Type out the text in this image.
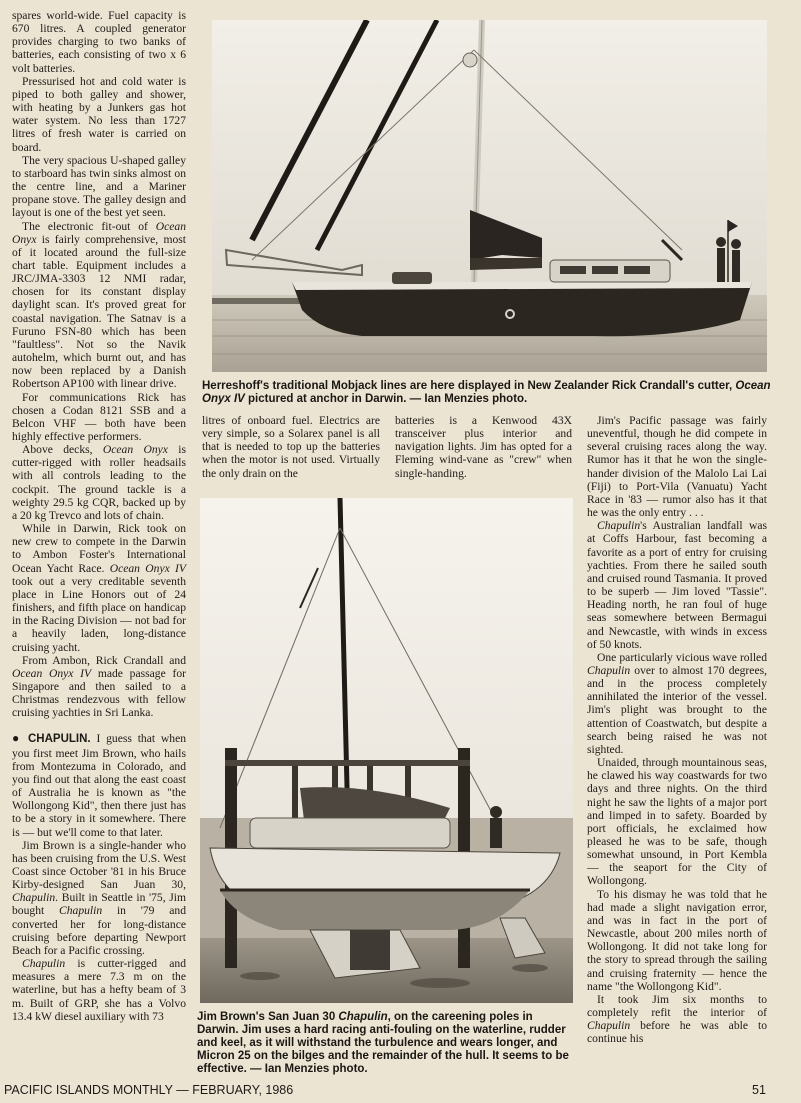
spares world-wide. Fuel capacity is 670 litres. A coupled generator provides charging to two banks of batteries, each consisting of two x 6 volt batteries.

Pressurised hot and cold water is piped to both galley and shower, with heating by a Junkers gas hot water system. No less than 1727 litres of fresh water is carried on board.

The very spacious U-shaped galley to starboard has twin sinks almost on the centre line, and a Mariner propane stove. The galley design and layout is one of the best yet seen.

The electronic fit-out of Ocean Onyx is fairly comprehensive, most of it located around the full-size chart table. Equipment includes a JRC/JMA-3303 12 NMI radar, chosen for its constant display daylight scan. It's proved great for coastal navigation. The Satnav is a Furuno FSN-80 which has been "faultless". Not so the Navik autohelm, which burnt out, and has now been replaced by a Danish Robertson AP100 with linear drive.

For communications Rick has chosen a Codan 8121 SSB and a Belcon VHF — both have been highly effective performers.

Above decks, Ocean Onyx is cutter-rigged with roller headsails with all controls leading to the cockpit. The ground tackle is a weighty 29.5 kg CQR, backed up by a 20 kg Trevco and lots of chain.

While in Darwin, Rick took on new crew to compete in the Darwin to Ambon Foster's International Ocean Yacht Race. Ocean Onyx IV took out a very creditable seventh place in Line Honors out of 24 finishers, and fifth place on handicap in the Racing Division — not bad for a heavily laden, long-distance cruising yacht.

From Ambon, Rick Crandall and Ocean Onyx IV made passage for Singapore and then sailed to a Christmas rendezvous with fellow cruising yachties in Sri Lanka.

● CHAPULIN. I guess that when you first meet Jim Brown, who hails from Montezuma in Colorado, and you find out that along the east coast of Australia he is known as "the Wollongong Kid", then there just has to be a story in it somewhere. There is — but we'll come to that later.

Jim Brown is a single-hander who has been cruising from the U.S. West Coast since October '81 in his Bruce Kirby-designed San Juan 30, Chapulin. Built in Seattle in '75, Jim bought Chapulin in '79 and converted her for long-distance cruising before departing Newport Beach for a Pacific crossing.

Chapulin is cutter-rigged and measures a mere 7.3 m on the waterline, but has a hefty beam of 3 m. Built of GRP, she has a Volvo 13.4 kW diesel auxiliary with 73

Herreshoff's traditional Mobjack lines are here displayed in New Zealander Rick Crandall's cutter, Ocean Onyx IV pictured at anchor in Darwin. — Ian Menzies photo.

litres of onboard fuel. Electrics are very simple, so a Solarex panel is all that is needed to top up the batteries when the motor is not used. Virtually the only drain on the

batteries is a Kenwood 43X transceiver plus interior and navigation lights. Jim has opted for a Fleming wind-vane as "crew" when single-handing.

Jim's Pacific passage was fairly uneventful, though he did compete in several cruising races along the way. Rumor has it that he won the single-hander division of the Malolo Lai Lai (Fiji) to Port-Vila (Vanuatu) Yacht Race in '83 — rumor also has it that he was the only entry . . .

Chapulin's Australian landfall was at Coffs Harbour, fast becoming a favorite as a port of entry for cruising yachties. From there he sailed south and cruised round Tasmania. It proved to be superb — Jim loved "Tassie". Heading north, he ran foul of huge seas somewhere between Bermagui and Newcastle, with winds in excess of 50 knots.

One particularly vicious wave rolled Chapulin over to almost 170 degrees, and in the process completely annihilated the interior of the vessel. Jim's plight was brought to the attention of Coastwatch, but despite a search being raised he was not sighted.

Unaided, through mountainous seas, he clawed his way coastwards for two days and three nights. On the third night he saw the lights of a major port and limped in to safety. Boarded by port officials, he exclaimed how pleased he was to be safe, though somewhat unsound, in Port Kembla — the seaport for the City of Wollongong.

To his dismay he was told that he had made a slight navigation error, and was in fact in the port of Newcastle, about 200 miles north of Wollongong. It did not take long for the story to spread through the sailing and cruising fraternity — hence the name "the Wollongong Kid".

It took Jim six months to completely refit the interior of Chapulin before he was able to continue his

Jim Brown's San Juan 30 Chapulin, on the careening poles in Darwin. Jim uses a hard racing anti-fouling on the waterline, rudder and keel, as it will withstand the turbulence and wears longer, and Micron 25 on the bilges and the remainder of the hull. It seems to be effective. — Ian Menzies photo.
PACIFIC ISLANDS MONTHLY — FEBRUARY, 1986	51
